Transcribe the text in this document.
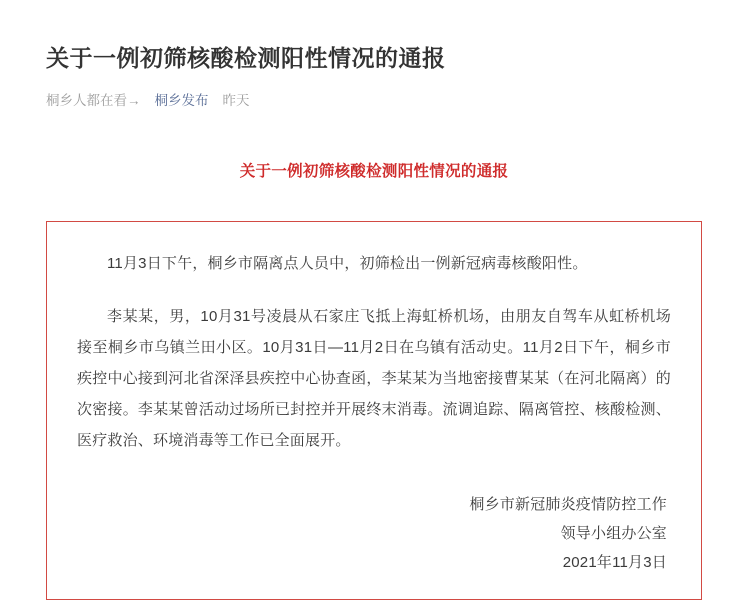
关于一例初筛核酸检测阳性情况的通报
桐乡人都在看→ 桐乡发布 昨天
关于一例初筛核酸检测阳性情况的通报

11月3日下午，桐乡市隔离点人员中，初筛检出一例新冠病毒核酸阳性。

李某某，男，10月31号凌晨从石家庄飞抵上海虹桥机场，由朋友自驾车从虹桥机场接至桐乡市乌镇兰田小区。10月31日—11月2日在乌镇有活动史。11月2日下午，桐乡市疾控中心接到河北省深泽县疾控中心协查函，李某某为当地密接曹某某（在河北隔离）的次密接。李某某曾活动过场所已封控并开展终末消毒。流调追踪、隔离管控、核酸检测、医疗救治、环境消毒等工作已全面展开。

桐乡市新冠肺炎疫情防控工作
领导小组办公室
2021年11月3日
